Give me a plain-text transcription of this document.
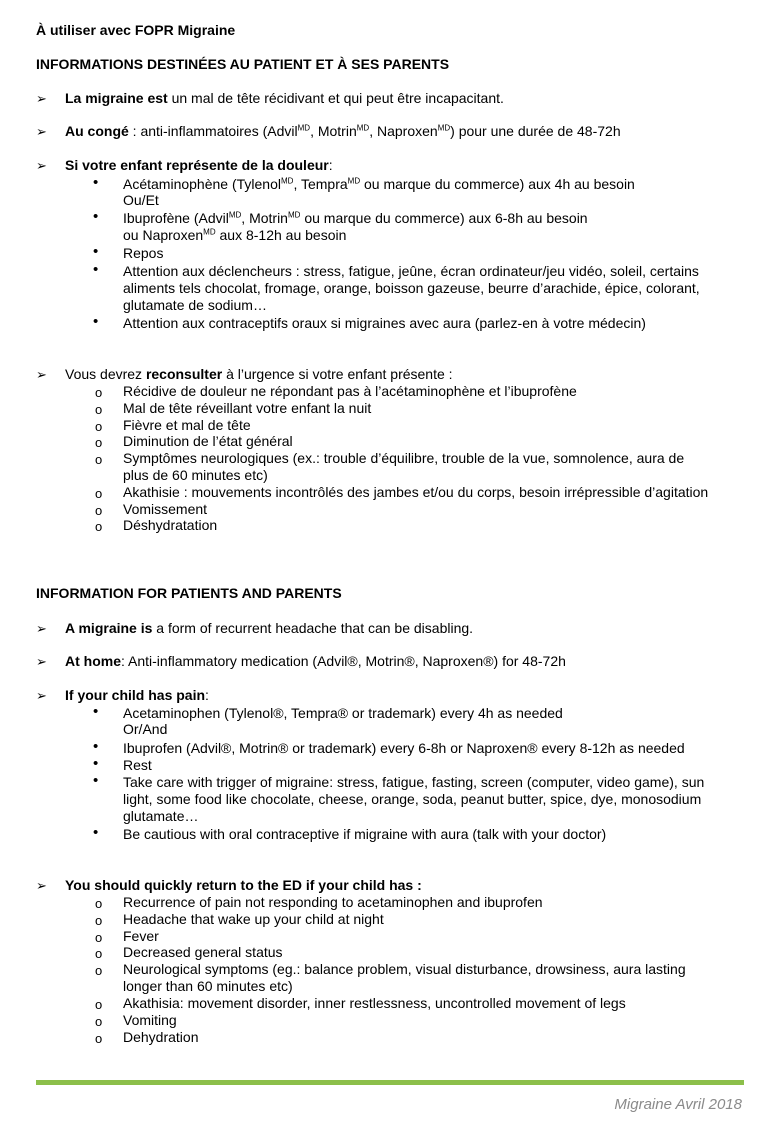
À utiliser avec FOPR Migraine
INFORMATIONS DESTINÉES AU PATIENT ET À SES PARENTS
➢ La migraine est un mal de tête récidivant et qui peut être incapacitant.
➢ Au congé : anti-inflammatoires (Advil$^{MD}$, Motrin$^{MD}$, Naproxen$^{MD}$) pour une durée de 48-72h
➢ Si votre enfant représente de la douleur:
• Acétaminophène (Tylenol$^{MD}$, Tempra$^{MD}$ ou marque du commerce) aux 4h au besoin
Ou/Et
• Ibuprofène (Advil$^{MD}$, Motrin$^{MD}$ ou marque du commerce) aux 6-8h au besoin
ou Naproxen$^{MD}$ aux 8-12h au besoin
• Repos
• Attention aux déclencheurs : stress, fatigue, jeûne, écran ordinateur/jeu vidéo, soleil, certains
aliments tels chocolat, fromage, orange, boisson gazeuse, beurre d’arachide, épice, colorant,
glutamate de sodium…
• Attention aux contraceptifs oraux si migraines avec aura (parlez-en à votre médecin)
➢ Vous devrez reconsulter à l’urgence si votre enfant présente :
o Récidive de douleur ne répondant pas à l’acétaminophène et l’ibuprofène
o Mal de tête réveillant votre enfant la nuit
o Fièvre et mal de tête
o Diminution de l’état général
o Symptômes neurologiques (ex.: trouble d’équilibre, trouble de la vue, somnolence, aura de
plus de 60 minutes etc)
o Akathisie : mouvements incontrôlés des jambes et/ou du corps, besoin irrépressible d’agitation
o Vomissement
o Déshydratation
INFORMATION FOR PATIENTS AND PARENTS
➢ A migraine is a form of recurrent headache that can be disabling.
➢ At home: Anti-inflammatory medication (Advil®, Motrin®, Naproxen®) for 48-72h
➢ If your child has pain:
• Acetaminophen (Tylenol®, Tempra® or trademark) every 4h as needed
Or/And
• Ibuprofen (Advil®, Motrin® or trademark) every 6-8h or Naproxen® every 8-12h as needed
• Rest
• Take care with trigger of migraine: stress, fatigue, fasting, screen (computer, video game), sun
light, some food like chocolate, cheese, orange, soda, peanut butter, spice, dye, monosodium
glutamate…
• Be cautious with oral contraceptive if migraine with aura (talk with your doctor)
➢ You should quickly return to the ED if your child has :
o Recurrence of pain not responding to acetaminophen and ibuprofen
o Headache that wake up your child at night
o Fever
o Decreased general status
o Neurological symptoms (eg.: balance problem, visual disturbance, drowsiness, aura lasting
longer than 60 minutes etc)
o Akathisia: movement disorder, inner restlessness, uncontrolled movement of legs
o Vomiting
o Dehydration
Migraine Avril 2018
